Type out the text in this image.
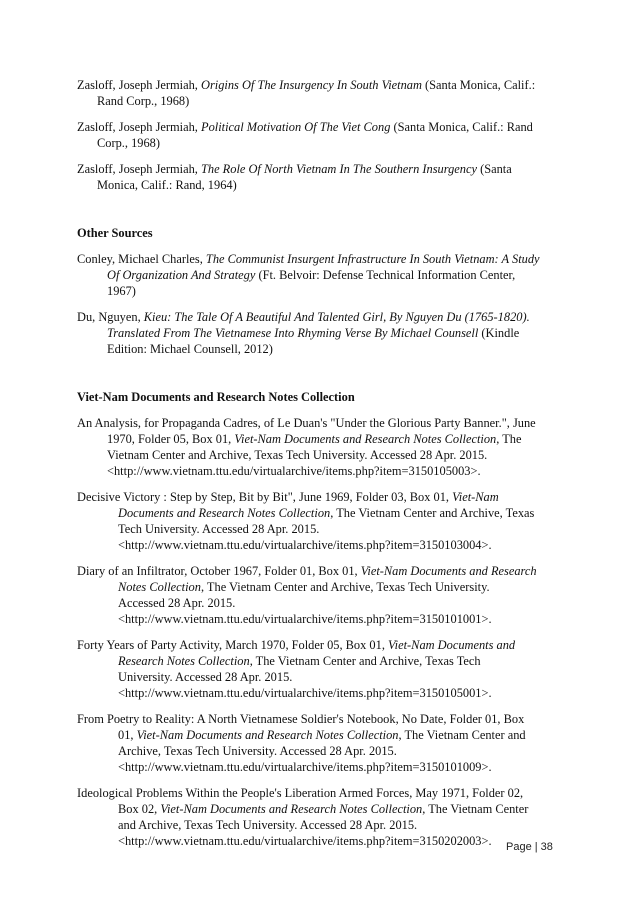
Zasloff, Joseph Jermiah, Origins Of The Insurgency In South Vietnam (Santa Monica, Calif.:
Rand Corp., 1968)
Zasloff, Joseph Jermiah, Political Motivation Of The Viet Cong (Santa Monica, Calif.: Rand
Corp., 1968)
Zasloff, Joseph Jermiah, The Role Of North Vietnam In The Southern Insurgency (Santa
Monica, Calif.: Rand, 1964)
Other Sources
Conley, Michael Charles, The Communist Insurgent Infrastructure In South Vietnam: A Study
Of Organization And Strategy (Ft. Belvoir: Defense Technical Information Center,
1967)
Du, Nguyen, Kieu: The Tale Of A Beautiful And Talented Girl, By Nguyen Du (1765-1820).
Translated From The Vietnamese Into Rhyming Verse By Michael Counsell (Kindle
Edition: Michael Counsell, 2012)
Viet-Nam Documents and Research Notes Collection
An Analysis, for Propaganda Cadres, of Le Duan's "Under the Glorious Party Banner.", June
1970, Folder 05, Box 01, Viet-Nam Documents and Research Notes Collection, The
Vietnam Center and Archive, Texas Tech University. Accessed 28 Apr. 2015.
<http://www.vietnam.ttu.edu/virtualarchive/items.php?item=3150105003>.
Decisive Victory : Step by Step, Bit by Bit", June 1969, Folder 03, Box 01, Viet-Nam
Documents and Research Notes Collection, The Vietnam Center and Archive, Texas
Tech University. Accessed 28 Apr. 2015.
<http://www.vietnam.ttu.edu/virtualarchive/items.php?item=3150103004>.
Diary of an Infiltrator, October 1967, Folder 01, Box 01, Viet-Nam Documents and Research
Notes Collection, The Vietnam Center and Archive, Texas Tech University.
Accessed 28 Apr. 2015.
<http://www.vietnam.ttu.edu/virtualarchive/items.php?item=3150101001>.
Forty Years of Party Activity, March 1970, Folder 05, Box 01, Viet-Nam Documents and
Research Notes Collection, The Vietnam Center and Archive, Texas Tech
University. Accessed 28 Apr. 2015.
<http://www.vietnam.ttu.edu/virtualarchive/items.php?item=3150105001>.
From Poetry to Reality: A North Vietnamese Soldier's Notebook, No Date, Folder 01, Box
01, Viet-Nam Documents and Research Notes Collection, The Vietnam Center and
Archive, Texas Tech University. Accessed 28 Apr. 2015.
<http://www.vietnam.ttu.edu/virtualarchive/items.php?item=3150101009>.
Ideological Problems Within the People's Liberation Armed Forces, May 1971, Folder 02,
Box 02, Viet-Nam Documents and Research Notes Collection, The Vietnam Center
and Archive, Texas Tech University. Accessed 28 Apr. 2015.
<http://www.vietnam.ttu.edu/virtualarchive/items.php?item=3150202003>.	Page | 38
